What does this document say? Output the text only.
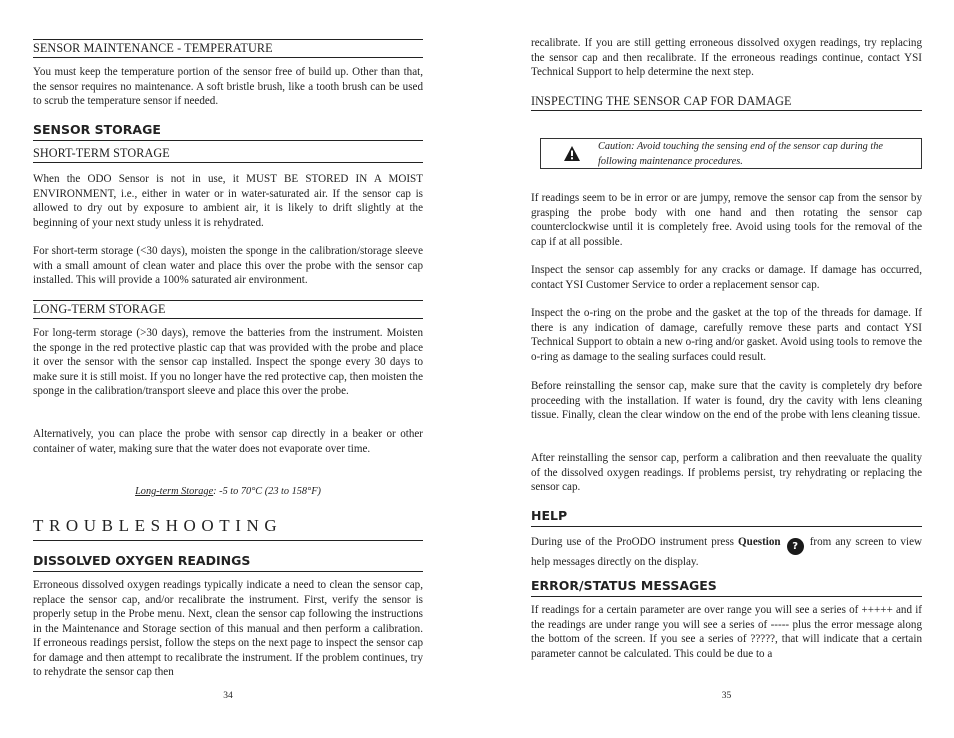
SENSOR MAINTENANCE - TEMPERATURE

You must keep the temperature portion of the sensor free of build up. Other than that, the sensor requires no maintenance. A soft bristle brush, like a tooth brush can be used to scrub the temperature sensor if needed.

SENSOR STORAGE
SHORT-TERM STORAGE

When the ODO Sensor is not in use, it MUST BE STORED IN A MOIST ENVIRONMENT, i.e., either in water or in water-saturated air. If the sensor cap is allowed to dry out by exposure to ambient air, it is likely to drift slightly at the beginning of your next study unless it is rehydrated.

For short-term storage (<30 days), moisten the sponge in the calibration/storage sleeve with a small amount of clean water and place this over the probe with the sensor cap installed. This will provide a 100% saturated air environment.

LONG-TERM STORAGE

For long-term storage (>30 days), remove the batteries from the instrument. Moisten the sponge in the red protective plastic cap that was provided with the probe and place it over the sensor with the sensor cap installed. Inspect the sponge every 30 days to make sure it is still moist. If you no longer have the red protective cap, then moisten the sponge in the calibration/transport sleeve and place this over the probe.

Alternatively, you can place the probe with sensor cap directly in a beaker or other container of water, making sure that the water does not evaporate over time.

Long-term Storage: -5 to 70°C (23 to 158°F)
TROUBLESHOOTING
DISSOLVED OXYGEN READINGS

Erroneous dissolved oxygen readings typically indicate a need to clean the sensor cap, replace the sensor cap, and/or recalibrate the instrument. First, verify the sensor is properly setup in the Probe menu. Next, clean the sensor cap following the instructions in the Maintenance and Storage section of this manual and then perform a calibration. If erroneous readings persist, follow the steps on the next page to inspect the sensor cap for damage and then attempt to recalibrate the instrument. If the problem continues, try to rehydrate the sensor cap then

34

recalibrate. If you are still getting erroneous dissolved oxygen readings, try replacing the sensor cap and then recalibrate. If the erroneous readings continue, contact YSI Technical Support to help determine the next step.

INSPECTING THE SENSOR CAP FOR DAMAGE
Caution: Avoid touching the sensing end of the sensor cap during the following maintenance procedures.

If readings seem to be in error or are jumpy, remove the sensor cap from the sensor by grasping the probe body with one hand and then rotating the sensor cap counterclockwise until it is completely free. Avoid using tools for the removal of the cap if at all possible.

Inspect the sensor cap assembly for any cracks or damage. If damage has occurred, contact YSI Customer Service to order a replacement sensor cap.

Inspect the o-ring on the probe and the gasket at the top of the threads for damage. If there is any indication of damage, carefully remove these parts and contact YSI Technical Support to obtain a new o-ring and/or gasket. Avoid using tools to remove the o-ring as damage to the sealing surfaces could result.

Before reinstalling the sensor cap, make sure that the cavity is completely dry before proceeding with the installation. If water is found, dry the cavity with lens cleaning tissue. Finally, clean the clear window on the end of the probe with lens cleaning tissue.

After reinstalling the sensor cap, perform a calibration and then reevaluate the quality of the dissolved oxygen readings. If problems persist, try rehydrating or replacing the sensor cap.

HELP

During use of the ProODO instrument press Question ? from any screen to view help messages directly on the display.

ERROR/STATUS MESSAGES

If readings for a certain parameter are over range you will see a series of +++++ and if the readings are under range you will see a series of ----- plus the error message along the bottom of the screen. If you see a series of ?????, that will indicate that a certain parameter cannot be calculated. This could be due to a

35
